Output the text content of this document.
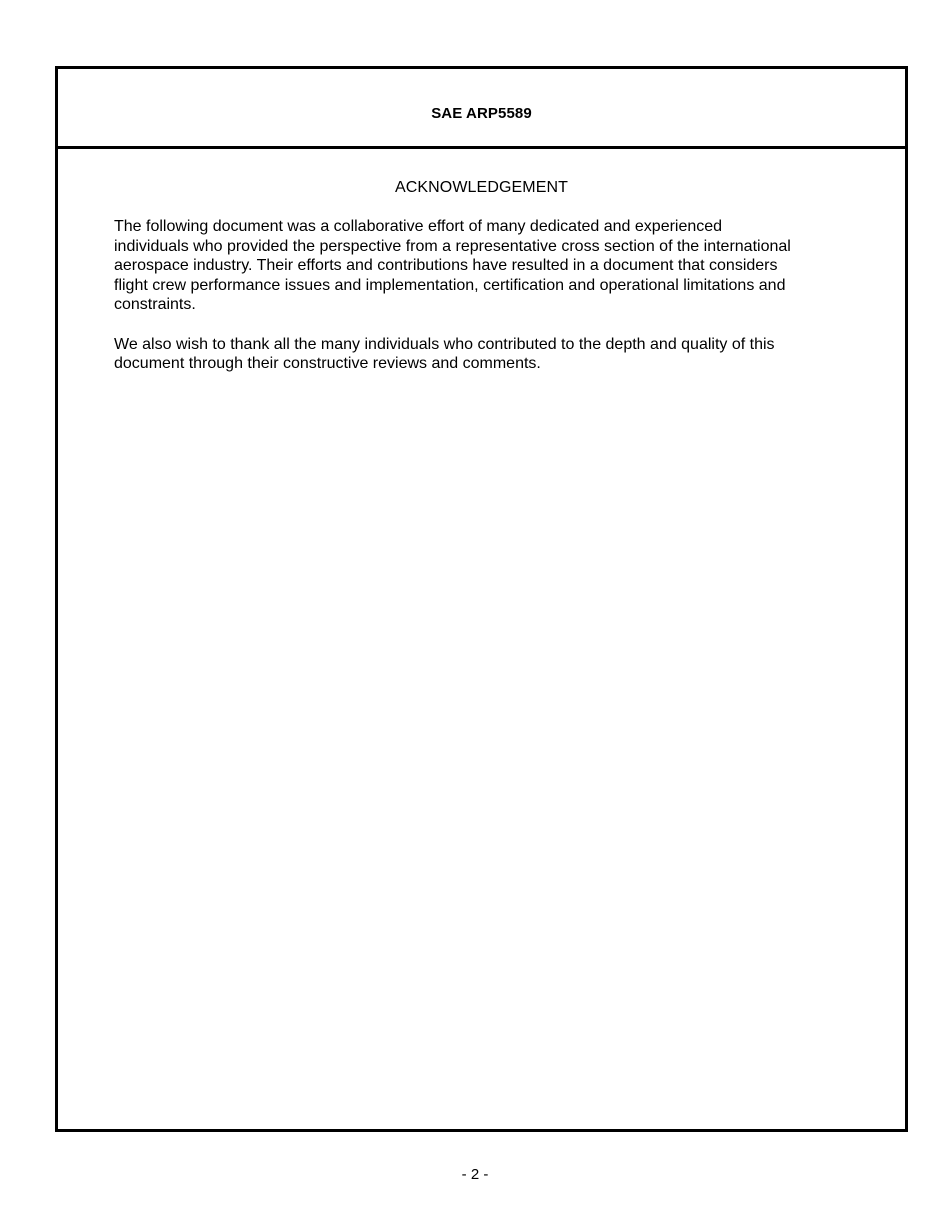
SAE ARP5589
ACKNOWLEDGEMENT

The following document was a collaborative effort of many dedicated and experienced
individuals who provided the perspective from a representative cross section of the international
aerospace industry. Their efforts and contributions have resulted in a document that considers
flight crew performance issues and implementation, certification and operational limitations and
constraints.

We also wish to thank all the many individuals who contributed to the depth and quality of this
document through their constructive reviews and comments.

- 2 -
